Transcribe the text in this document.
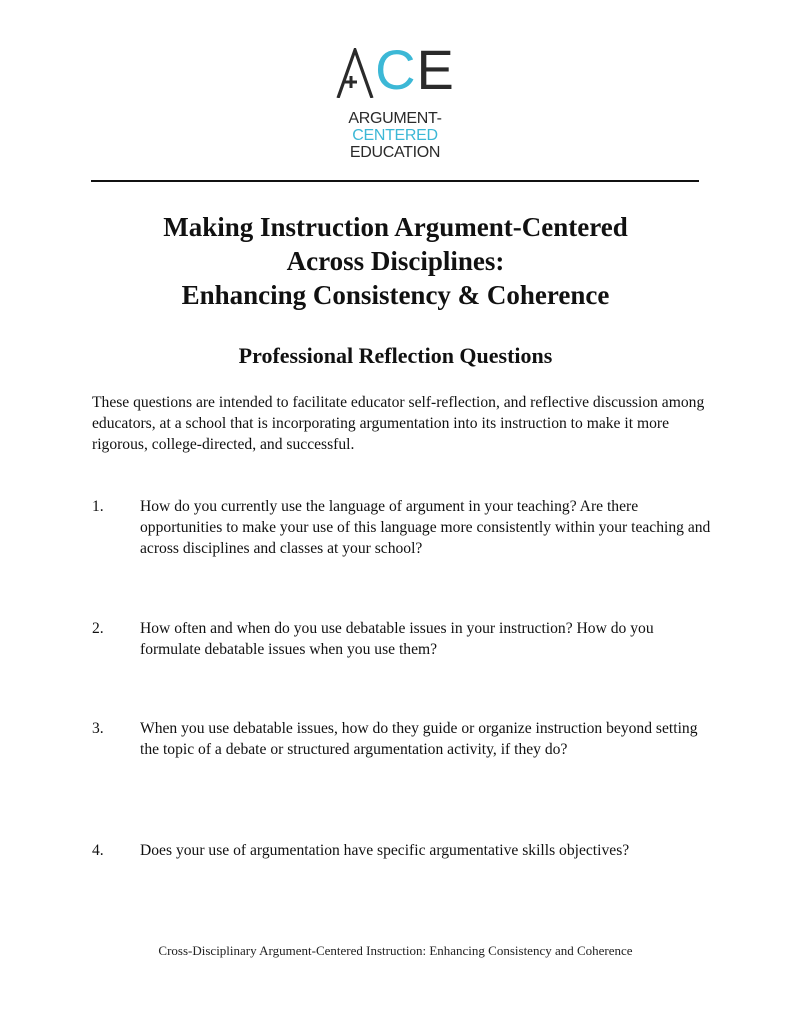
C E
ARGUMENT-
CENTERED
EDUCATION
Making Instruction Argument-Centered
Across Disciplines:
Enhancing Consistency & Coherence
Professional Reflection Questions
These questions are intended to facilitate educator self-reflection, and reflective discussion among educators, at a school that is incorporating argumentation into its instruction to make it more rigorous, college-directed, and successful.
1. How do you currently use the language of argument in your teaching? Are there opportunities to make your use of this language more consistently within your teaching and across disciplines and classes at your school?
2. How often and when do you use debatable issues in your instruction? How do you formulate debatable issues when you use them?
3. When you use debatable issues, how do they guide or organize instruction beyond setting the topic of a debate or structured argumentation activity, if they do?
4. Does your use of argumentation have specific argumentative skills objectives?
Cross-Disciplinary Argument-Centered Instruction: Enhancing Consistency and Coherence
